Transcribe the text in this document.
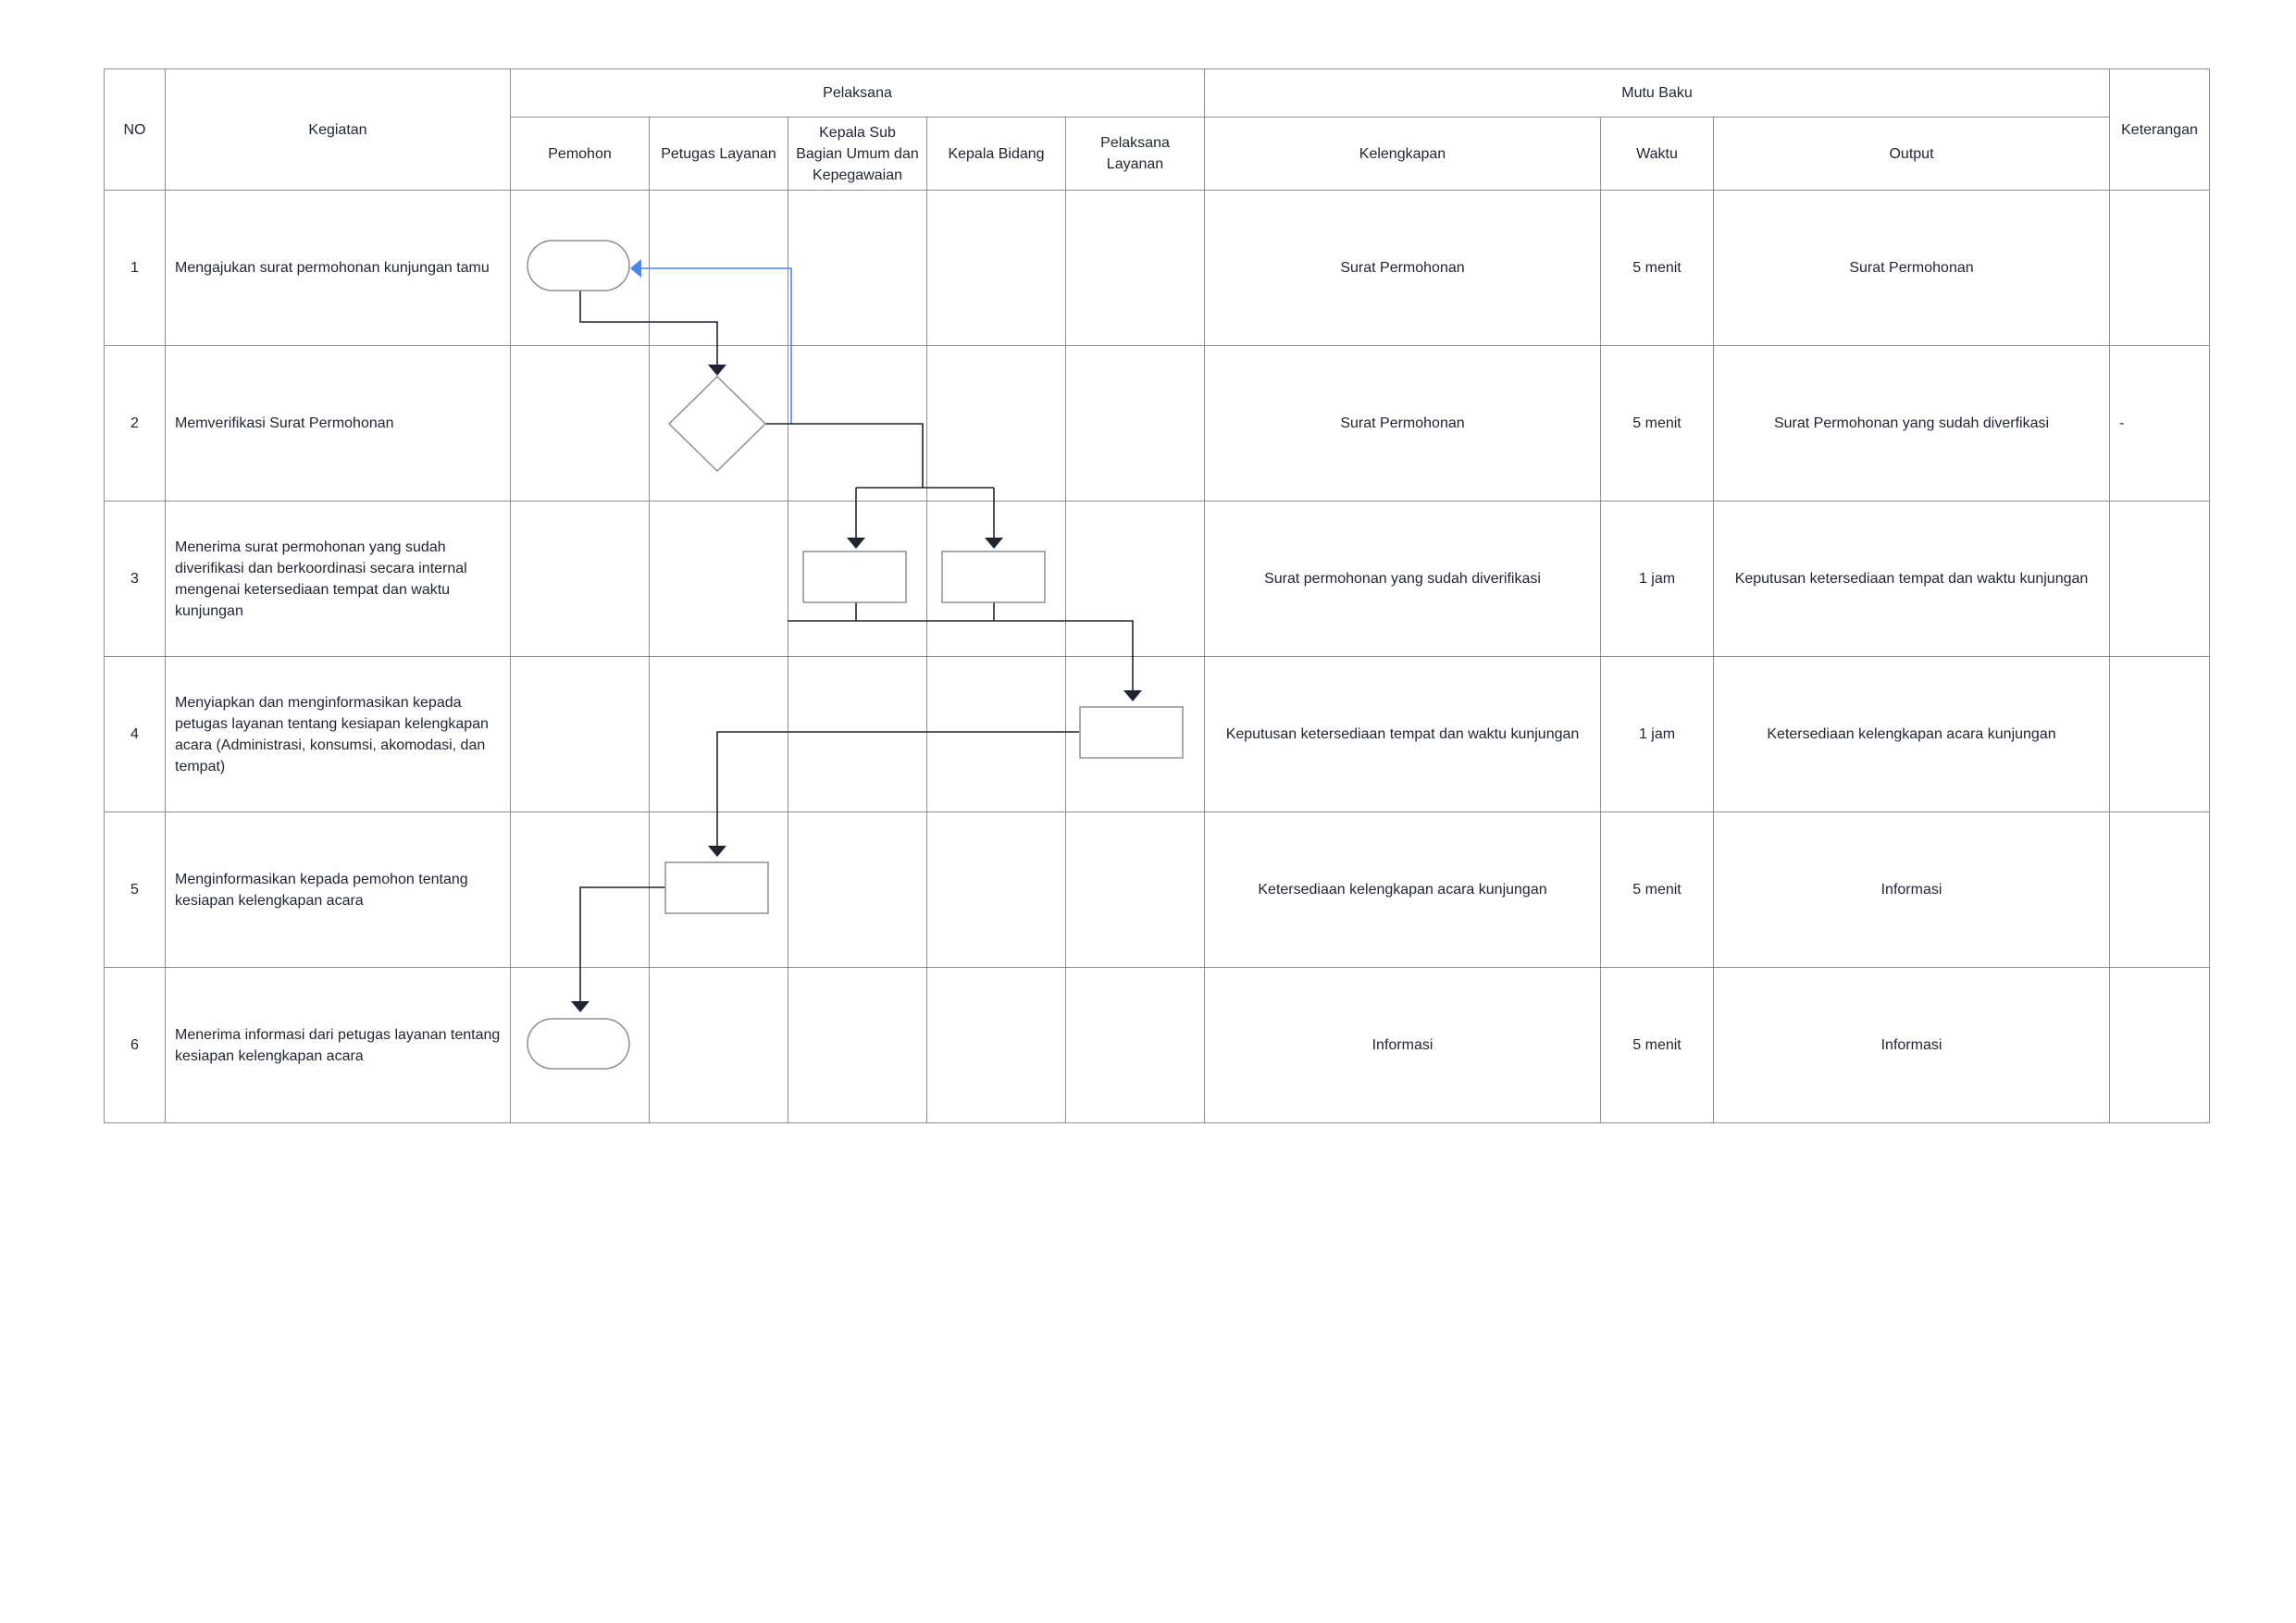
NO	Kegiatan	Pelaksana					Mutu Baku			Keterangan
		Pemohon	Petugas Layanan	Kepala Sub Bagian Umum dan Kepegawaian	Kepala Bidang	Pelaksana Layanan	Kelengkapan	Waktu	Output	
1	Mengajukan surat permohonan kunjungan tamu						Surat Permohonan	5 menit	Surat Permohonan	
2	Memverifikasi Surat Permohonan						Surat Permohonan	5 menit	Surat Permohonan yang sudah diverfikasi	-
3	Menerima surat permohonan yang sudah diverifikasi dan berkoordinasi secara internal mengenai ketersediaan tempat dan waktu kunjungan						Surat permohonan yang sudah diverifikasi	1 jam	Keputusan ketersediaan tempat dan waktu kunjungan	
4	Menyiapkan dan menginformasikan kepada petugas layanan tentang kesiapan kelengkapan acara (Administrasi, konsumsi, akomodasi, dan tempat)						Keputusan ketersediaan tempat dan waktu kunjungan	1 jam	Ketersediaan kelengkapan acara kunjungan	
5	Menginformasikan kepada pemohon tentang kesiapan kelengkapan acara						Ketersediaan kelengkapan acara kunjungan	5 menit	Informasi	
6	Menerima informasi dari petugas layanan tentang kesiapan kelengkapan acara						Informasi	5 menit	Informasi	
